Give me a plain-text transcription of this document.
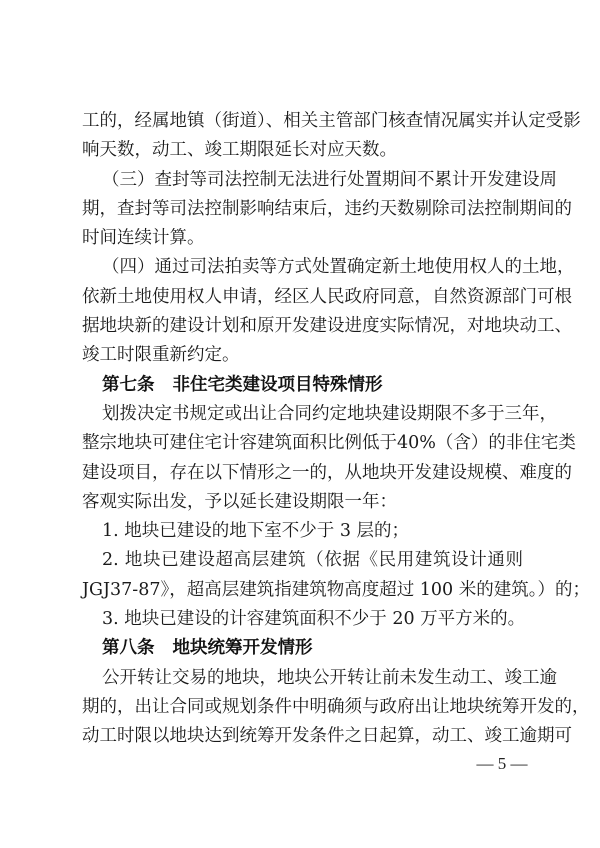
工的，经属地镇（街道）、相关主管部门核查情况属实并认定受影
响天数，动工、竣工期限延长对应天数。
（三）查封等司法控制无法进行处置期间不累计开发建设周
期，查封等司法控制影响结束后，违约天数剔除司法控制期间的
时间连续计算。
（四）通过司法拍卖等方式处置确定新土地使用权人的土地，
依新土地使用权人申请，经区人民政府同意，自然资源部门可根
据地块新的建设计划和原开发建设进度实际情况，对地块动工、
竣工时限重新约定。
第七条 非住宅类建设项目特殊情形
划拨决定书规定或出让合同约定地块建设期限不多于三年，
整宗地块可建住宅计容建筑面积比例低于40%（含）的非住宅类
建设项目，存在以下情形之一的，从地块开发建设规模、难度的
客观实际出发，予以延长建设期限一年：
1. 地块已建设的地下室不少于 3 层的；
2. 地块已建设超高层建筑（依据《民用建筑设计通则
JGJ37-87》，超高层建筑指建筑物高度超过 100 米的建筑。）的；
3. 地块已建设的计容建筑面积不少于 20 万平方米的。
第八条 地块统筹开发情形
公开转让交易的地块，地块公开转让前未发生动工、竣工逾
期的，出让合同或规划条件中明确须与政府出让地块统筹开发的，
动工时限以地块达到统筹开发条件之日起算，动工、竣工逾期可
— 5 —
